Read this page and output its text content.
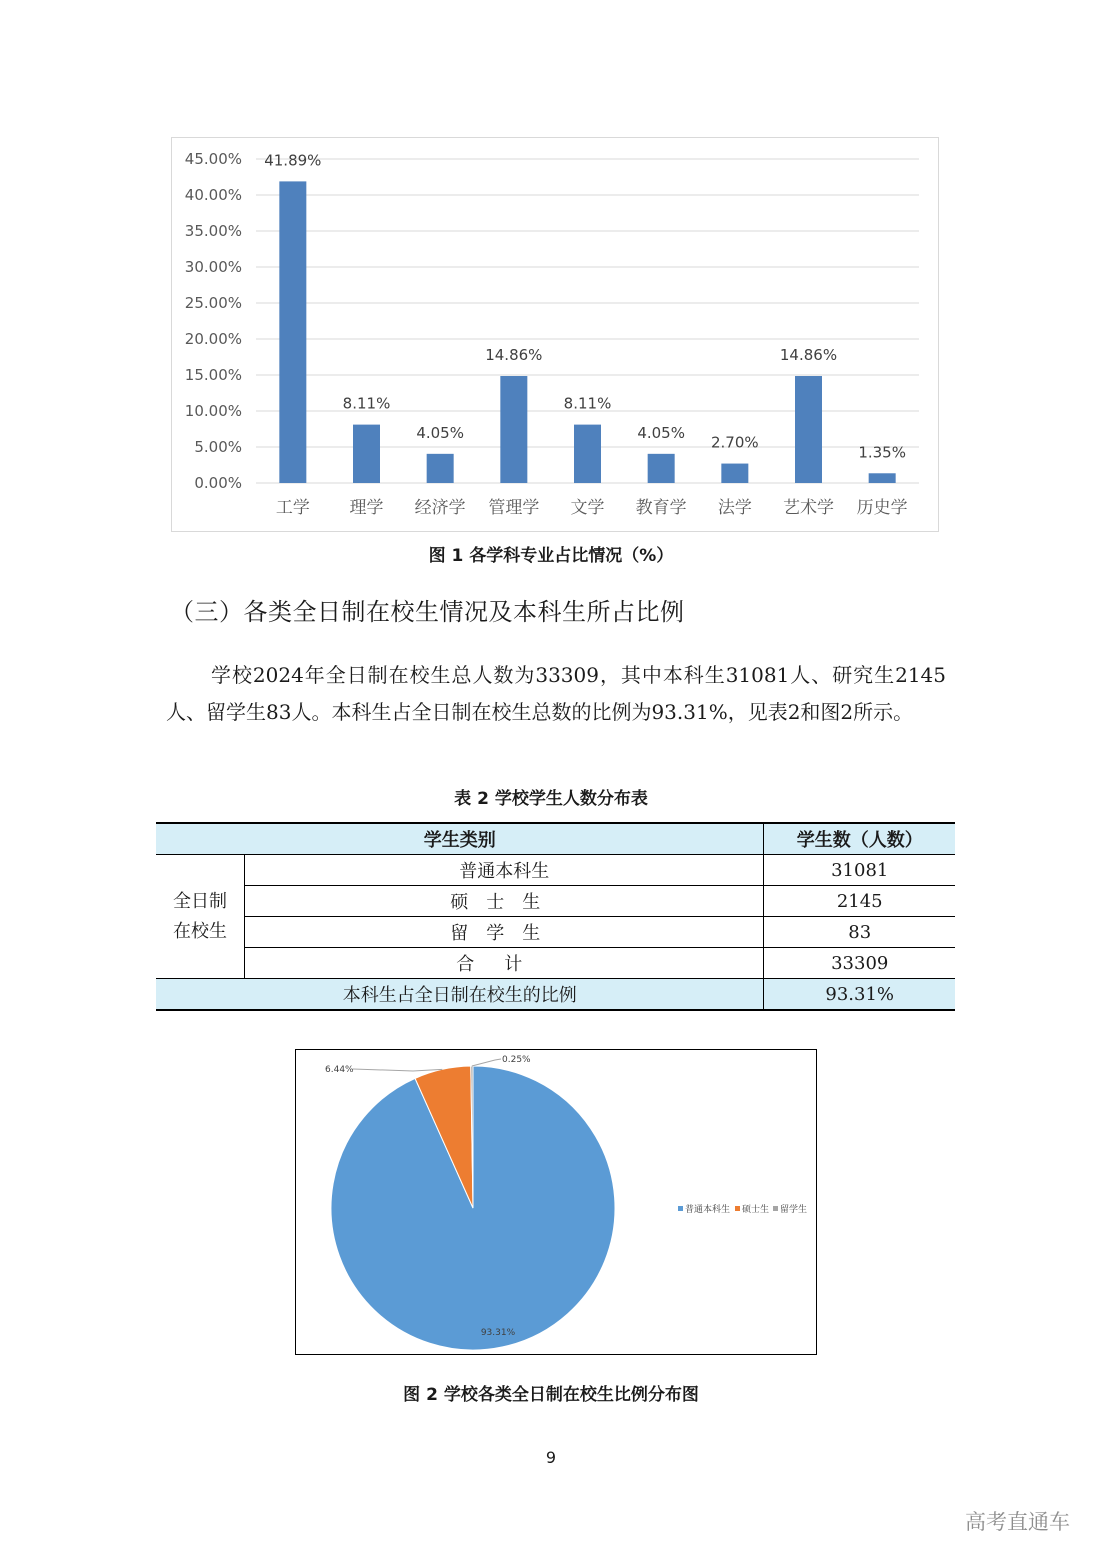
0.00%
5.00%
10.00%
15.00%
20.00%
25.00%
30.00%
35.00%
40.00%
45.00% 41.89%
8.11%
4.05%
14.86%
8.11%
4.05%
2.70%
14.86%
1.35%
工学 理学 经济学 管理学 文学 教育学 法学 艺术学 历史学
图 1 各学科专业占比情况（%）
（三）各类全日制在校生情况及本科生所占比例

学校2024年全日制在校生总人数为33309，其中本科生31081人、研究生2145人、留学生83人。本科生占全日制在校生总数的比例为93.31%，见表2和图2所示。

表 2 学校学生人数分布表
学生类别		学生数（人数）

全日制在校生	普通本科生	31081
	硕士生	2145
	留学生	83
	合计	33309
本科生占全日制在校生的比例		93.31%
93.31%
6.44%
0.25%
普通本科生 硕士生 留学生
图 2 学校各类全日制在校生比例分布图
9
高考直通车
